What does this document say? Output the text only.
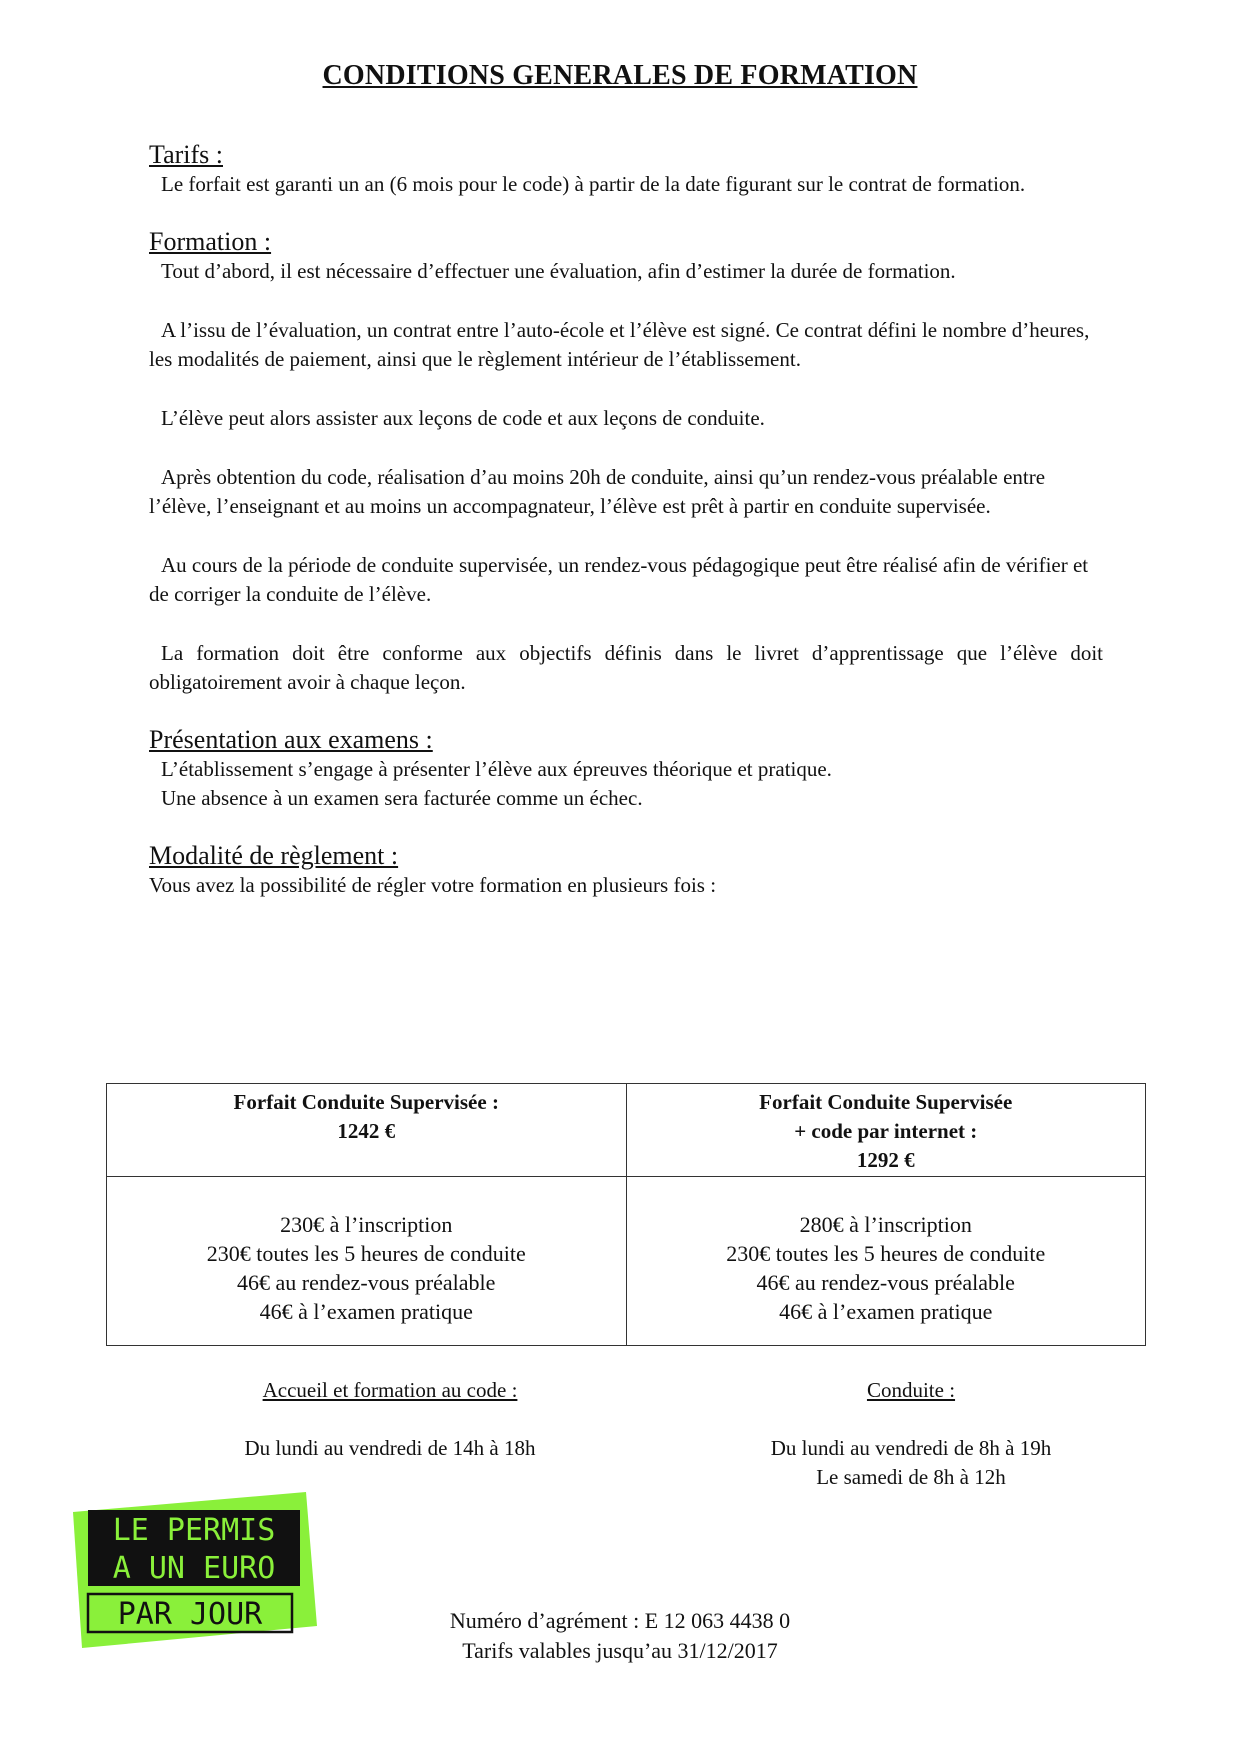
CONDITIONS GENERALES DE FORMATION

Tarifs :

Le forfait est garanti un an (6 mois pour le code) à partir de la date figurant sur le contrat de formation.

Formation :

Tout d’abord, il est nécessaire d’effectuer une évaluation, afin d’estimer la durée de formation.

A l’issu de l’évaluation, un contrat entre l’auto-école et l’élève est signé. Ce contrat défini le nombre d’heures, les modalités de paiement, ainsi que le règlement intérieur de l’établissement.

L’élève peut alors assister aux leçons de code et aux leçons de conduite.

Après obtention du code, réalisation d’au moins 20h de conduite, ainsi qu’un rendez-vous préalable entre l’élève, l’enseignant et au moins un accompagnateur, l’élève est prêt à partir en conduite supervisée.

Au cours de la période de conduite supervisée, un rendez-vous pédagogique peut être réalisé afin de vérifier et de corriger la conduite de l’élève.

La formation doit être conforme aux objectifs définis dans le livret d’apprentissage que l’élève doit obligatoirement avoir à chaque leçon.

Présentation aux examens :

L’établissement s’engage à présenter l’élève aux épreuves théorique et pratique.

Une absence à un examen sera facturée comme un échec.

Modalité de règlement :

Vous avez la possibilité de régler votre formation en plusieurs fois :

Forfait Conduite Supervisée :
1242 €	Forfait Conduite Supervisée
+ code par internet :
1292 €

230€ à l’inscription
230€ toutes les 5 heures de conduite
46€ au rendez-vous préalable
46€ à l’examen pratique	280€ à l’inscription
230€ toutes les 5 heures de conduite
46€ au rendez-vous préalable
46€ à l’examen pratique
Accueil et formation au code :
Du lundi au vendredi de 14h à 18h
Conduite :
Du lundi au vendredi de 8h à 19h
Le samedi de 8h à 12h
LE PERMIS
A UN EURO
PAR JOUR	Numéro d’agrément : E 12 063 4438 0
Tarifs valables jusqu’au 31/12/2017
